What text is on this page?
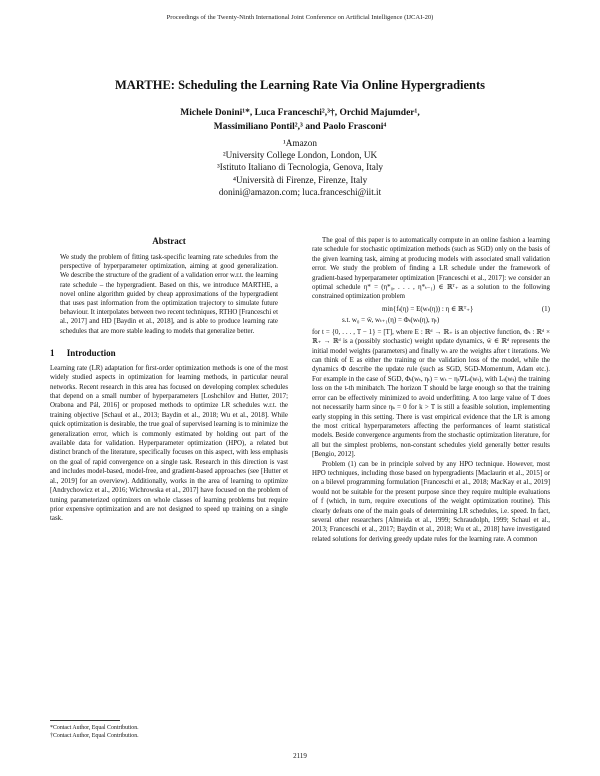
Proceedings of the Twenty-Ninth International Joint Conference on Artificial Intelligence (IJCAI-20)
MARTHE: Scheduling the Learning Rate Via Online Hypergradients
Michele Donini¹*, Luca Franceschi²,³†, Orchid Majumder¹,
Massimiliano Pontil²,³ and Paolo Frasconi⁴
¹Amazon
²University College London, London, UK
³Istituto Italiano di Tecnologia, Genova, Italy
⁴Università di Firenze, Firenze, Italy
donini@amazon.com; luca.franceschi@iit.it
Abstract

We study the problem of fitting task-specific learning rate schedules from the perspective of hyperparameter optimization, aiming at good generalization. We describe the structure of the gradient of a validation error w.r.t. the learning rate schedule – the hypergradient. Based on this, we introduce MARTHE, a novel online algorithm guided by cheap approximations of the hypergradient that uses past information from the optimization trajectory to simulate future behaviour. It interpolates between two recent techniques, RTHO [Franceschi et al., 2017] and HD [Baydin et al., 2018], and is able to produce learning rate schedules that are more stable leading to models that generalize better.

1 Introduction

Learning rate (LR) adaptation for first-order optimization methods is one of the most widely studied aspects in optimization for learning methods, in particular neural networks. Recent research in this area has focused on developing complex schedules that depend on a small number of hyperparameters [Loshchilov and Hutter, 2017; Orabona and Pál, 2016] or proposed methods to optimize LR schedules w.r.t. the training objective [Schaul et al., 2013; Baydin et al., 2018; Wu et al., 2018]. While quick optimization is desirable, the true goal of supervised learning is to minimize the generalization error, which is commonly estimated by holding out part of the available data for validation. Hyperparameter optimization (HPO), a related but distinct branch of the literature, specifically focuses on this aspect, with less emphasis on the goal of rapid convergence on a single task. Research in this direction is vast and includes model-based, model-free, and gradient-based approaches (see [Hutter et al., 2019] for an overview). Additionally, works in the area of learning to optimize [Andrychowicz et al., 2016; Wichrowska et al., 2017] have focused on the problem of tuning parameterized optimizers on whole classes of learning problems but require prior expensive optimization and are not designed to speed up training on a single task.

The goal of this paper is to automatically compute in an online fashion a learning rate schedule for stochastic optimization methods (such as SGD) only on the basis of the given learning task, aiming at producing models with associated small validation error. We study the problem of finding a LR schedule under the framework of gradient-based hyperparameter optimization [Franceschi et al., 2017]: we consider an optimal schedule η* = (η*₀, . . . , η*ₜ₋₁) ∈ ℝᵀ₊ as a solution to the following constrained optimization problem

min{fₜ(η) = E(wₜ(η)) : η ∈ ℝᵀ₊}	(1)
s.t. w₀ = w̄, wₜ₊₁(η) = Φₜ(wₜ(η), ηₜ)

for t = {0, . . . , T − 1} = [T], where E : ℝᵈ → ℝ₊ is an objective function, Φₜ : ℝᵈ × ℝ₊ → ℝᵈ is a (possibly stochastic) weight update dynamics, w̄ ∈ ℝᵈ represents the initial model weights (parameters) and finally wₜ are the weights after t iterations. We can think of E as either the training or the validation loss of the model, while the dynamics Φ describe the update rule (such as SGD, SGD-Momentum, Adam etc.). For example in the case of SGD, Φₜ(wₜ, ηₜ) = wₜ − ηₜ∇Lₜ(wₜ), with Lₜ(wₜ) the training loss on the t-th minibatch. The horizon T should be large enough so that the training error can be effectively minimized to avoid underfitting. A too large value of T does not necessarily harm since ηₖ = 0 for k > T is still a feasible solution, implementing early stopping in this setting. There is vast empirical evidence that the LR is among the most critical hyperparameters affecting the performances of learnt statistical models. Beside convergence arguments from the stochastic optimization literature, for all but the simplest problems, non-constant schedules yield generally better results [Bengio, 2012].

Problem (1) can be in principle solved by any HPO technique. However, most HPO techniques, including those based on hypergradients [Maclaurin et al., 2015] or on a bilevel programming formulation [Franceschi et al., 2018; MacKay et al., 2019] would not be suitable for the present purpose since they require multiple evaluations of f (which, in turn, require executions of the weight optimization routine). This clearly defeats one of the main goals of determining LR schedules, i.e. speed. In fact, several other researchers [Almeida et al., 1999; Schraudolph, 1999; Schaul et al., 2013; Franceschi et al., 2017; Baydin et al., 2018; Wu et al., 2018] have investigated related solutions for deriving greedy update rules for the learning rate. A common

*Contact Author, Equal Contribution.
†Contact Author, Equal Contribution.
2119
